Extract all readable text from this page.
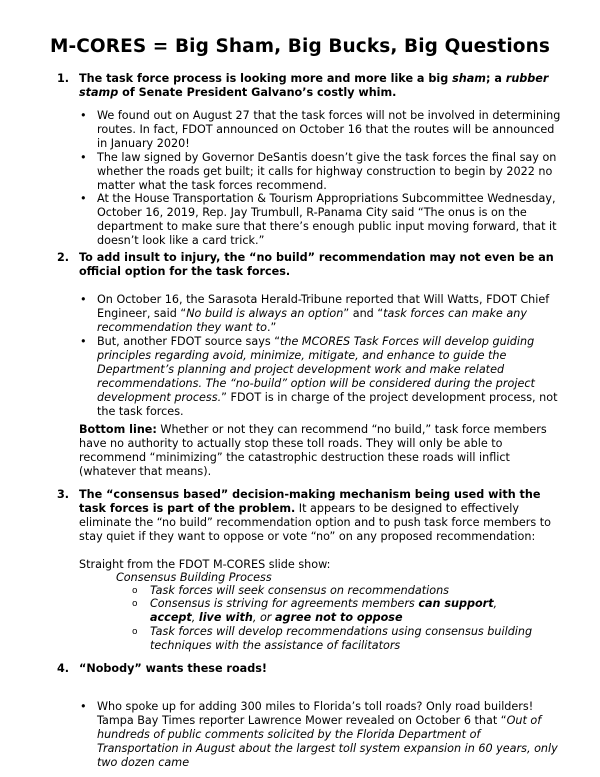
M-CORES = Big Sham, Big Bucks, Big Questions
1. The task force process is looking more and more like a big sham; a rubber stamp of Senate President Galvano’s costly whim.
• We found out on August 27 that the task forces will not be involved in determining routes. In fact, FDOT announced on October 16 that the routes will be announced in January 2020!
• The law signed by Governor DeSantis doesn’t give the task forces the final say on whether the roads get built; it calls for highway construction to begin by 2022 no matter what the task forces recommend.
• At the House Transportation & Tourism Appropriations Subcommittee Wednesday, October 16, 2019, Rep. Jay Trumbull, R-Panama City said “The onus is on the department to make sure that there’s enough public input moving forward, that it doesn’t look like a card trick.”
2. To add insult to injury, the “no build” recommendation may not even be an official option for the task forces.
• On October 16, the Sarasota Herald-Tribune reported that Will Watts, FDOT Chief Engineer, said “No build is always an option” and “task forces can make any recommendation they want to.”
• But, another FDOT source says “the MCORES Task Forces will develop guiding principles regarding avoid, minimize, mitigate, and enhance to guide the Department’s planning and project development work and make related recommendations. The “no-build” option will be considered during the project development process.” FDOT is in charge of the project development process, not the task forces.
Bottom line: Whether or not they can recommend “no build,” task force members have no authority to actually stop these toll roads. They will only be able to recommend “minimizing” the catastrophic destruction these roads will inflict (whatever that means).
3. The “consensus based” decision-making mechanism being used with the task forces is part of the problem. It appears to be designed to effectively eliminate the “no build” recommendation option and to push task force members to stay quiet if they want to oppose or vote “no” on any proposed recommendation:
Straight from the FDOT M-CORES slide show:
Consensus Building Process
o Task forces will seek consensus on recommendations
o Consensus is striving for agreements members can support, accept, live with, or agree not to oppose
o Task forces will develop recommendations using consensus building techniques with the assistance of facilitators
4. “Nobody” wants these roads!
• Who spoke up for adding 300 miles to Florida’s toll roads? Only road builders! Tampa Bay Times reporter Lawrence Mower revealed on October 6 that “Out of hundreds of public comments solicited by the Florida Department of Transportation in August about the largest toll system expansion in 60 years, only two dozen came
